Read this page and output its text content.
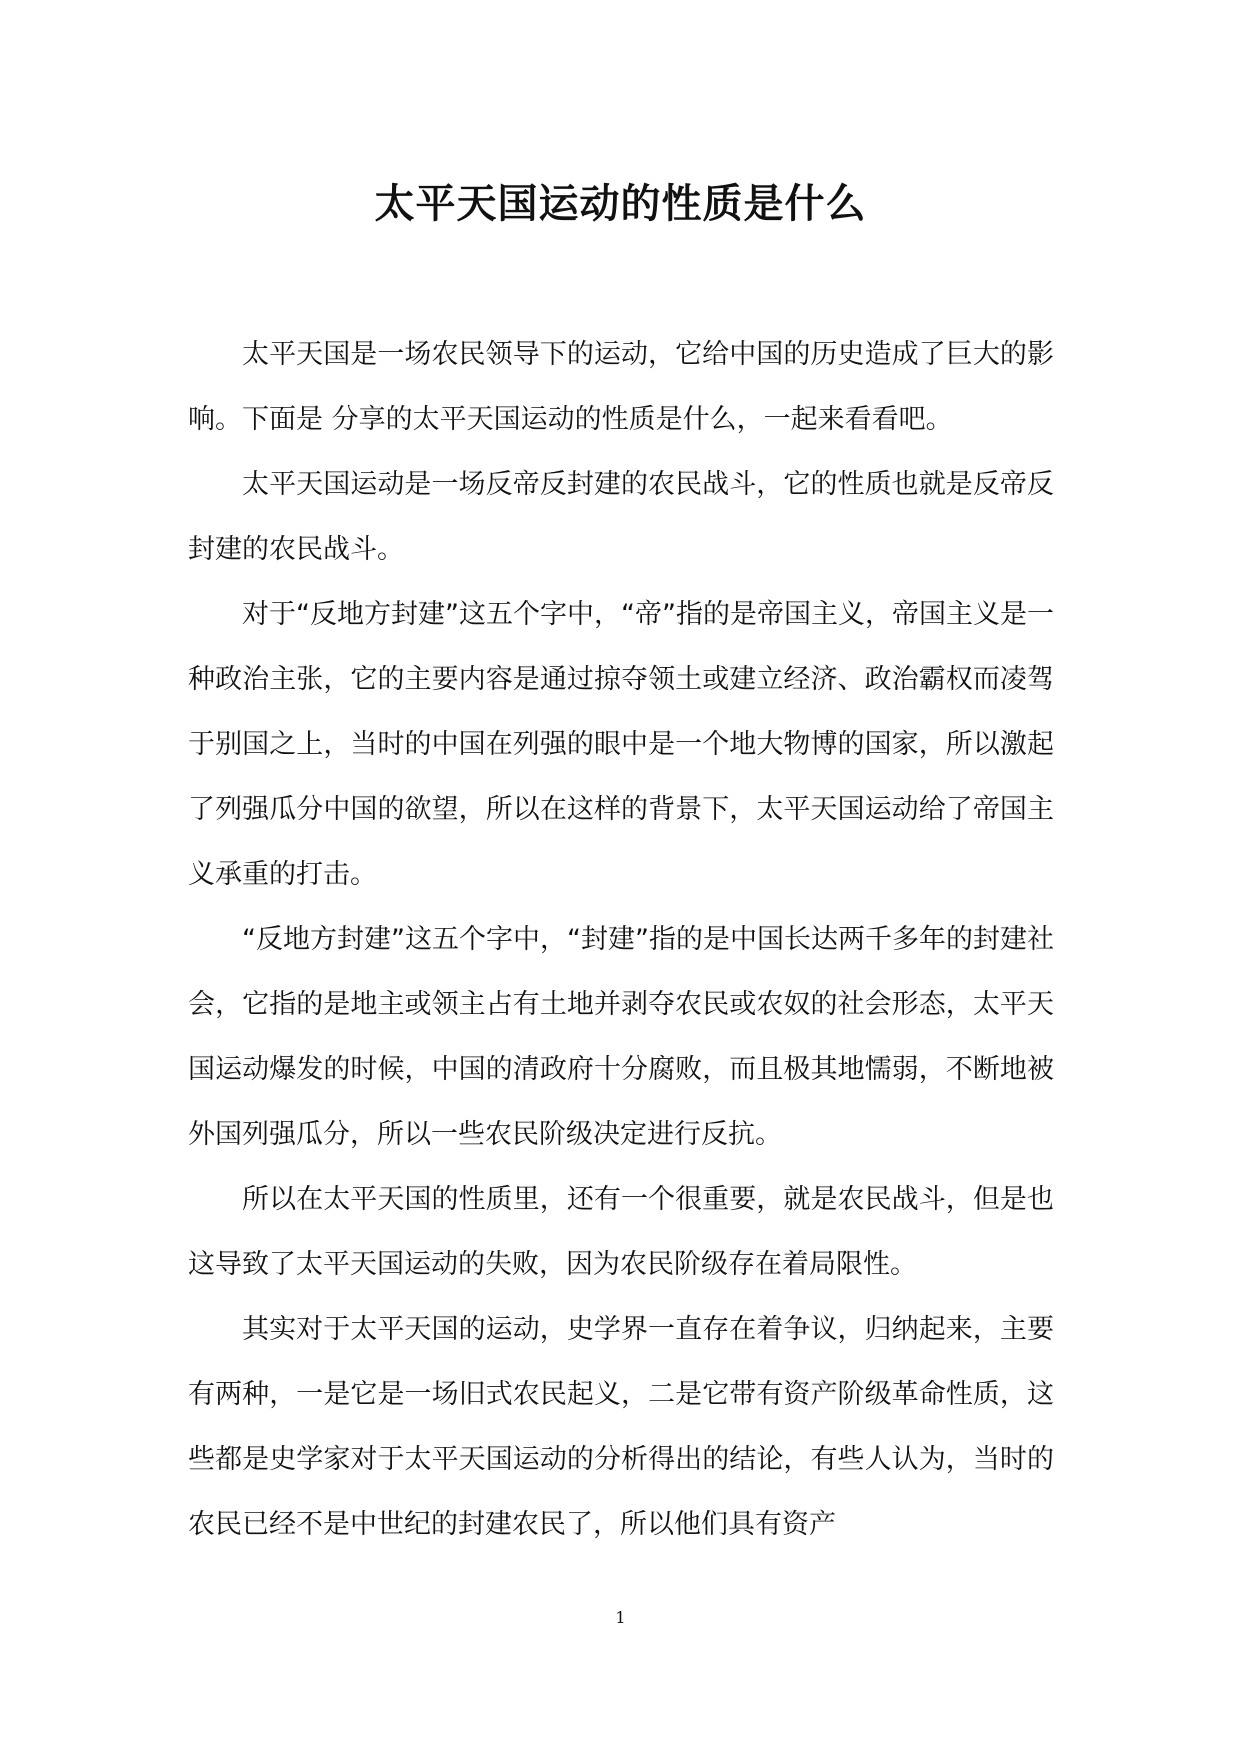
太平天国运动的性质是什么

太平天国是一场农民领导下的运动，它给中国的历史造成了巨大的影响。下面是 分享的太平天国运动的性质是什么，一起来看看吧。

太平天国运动是一场反帝反封建的农民战斗，它的性质也就是反帝反封建的农民战斗。

对于“反地方封建”这五个字中，“帝”指的是帝国主义，帝国主义是一种政治主张，它的主要内容是通过掠夺领土或建立经济、政治霸权而凌驾于别国之上，当时的中国在列强的眼中是一个地大物博的国家，所以激起了列强瓜分中国的欲望，所以在这样的背景下，太平天国运动给了帝国主义承重的打击。

“反地方封建”这五个字中，“封建”指的是中国长达两千多年的封建社会，它指的是地主或领主占有土地并剥夺农民或农奴的社会形态，太平天国运动爆发的时候，中国的清政府十分腐败，而且极其地懦弱，不断地被外国列强瓜分，所以一些农民阶级决定进行反抗。

所以在太平天国的性质里，还有一个很重要，就是农民战斗，但是也这导致了太平天国运动的失败，因为农民阶级存在着局限性。

其实对于太平天国的运动，史学界一直存在着争议，归纳起来，主要有两种，一是它是一场旧式农民起义，二是它带有资产阶级革命性质，这些都是史学家对于太平天国运动的分析得出的结论，有些人认为，当时的农民已经不是中世纪的封建农民了，所以他们具有资产

1
